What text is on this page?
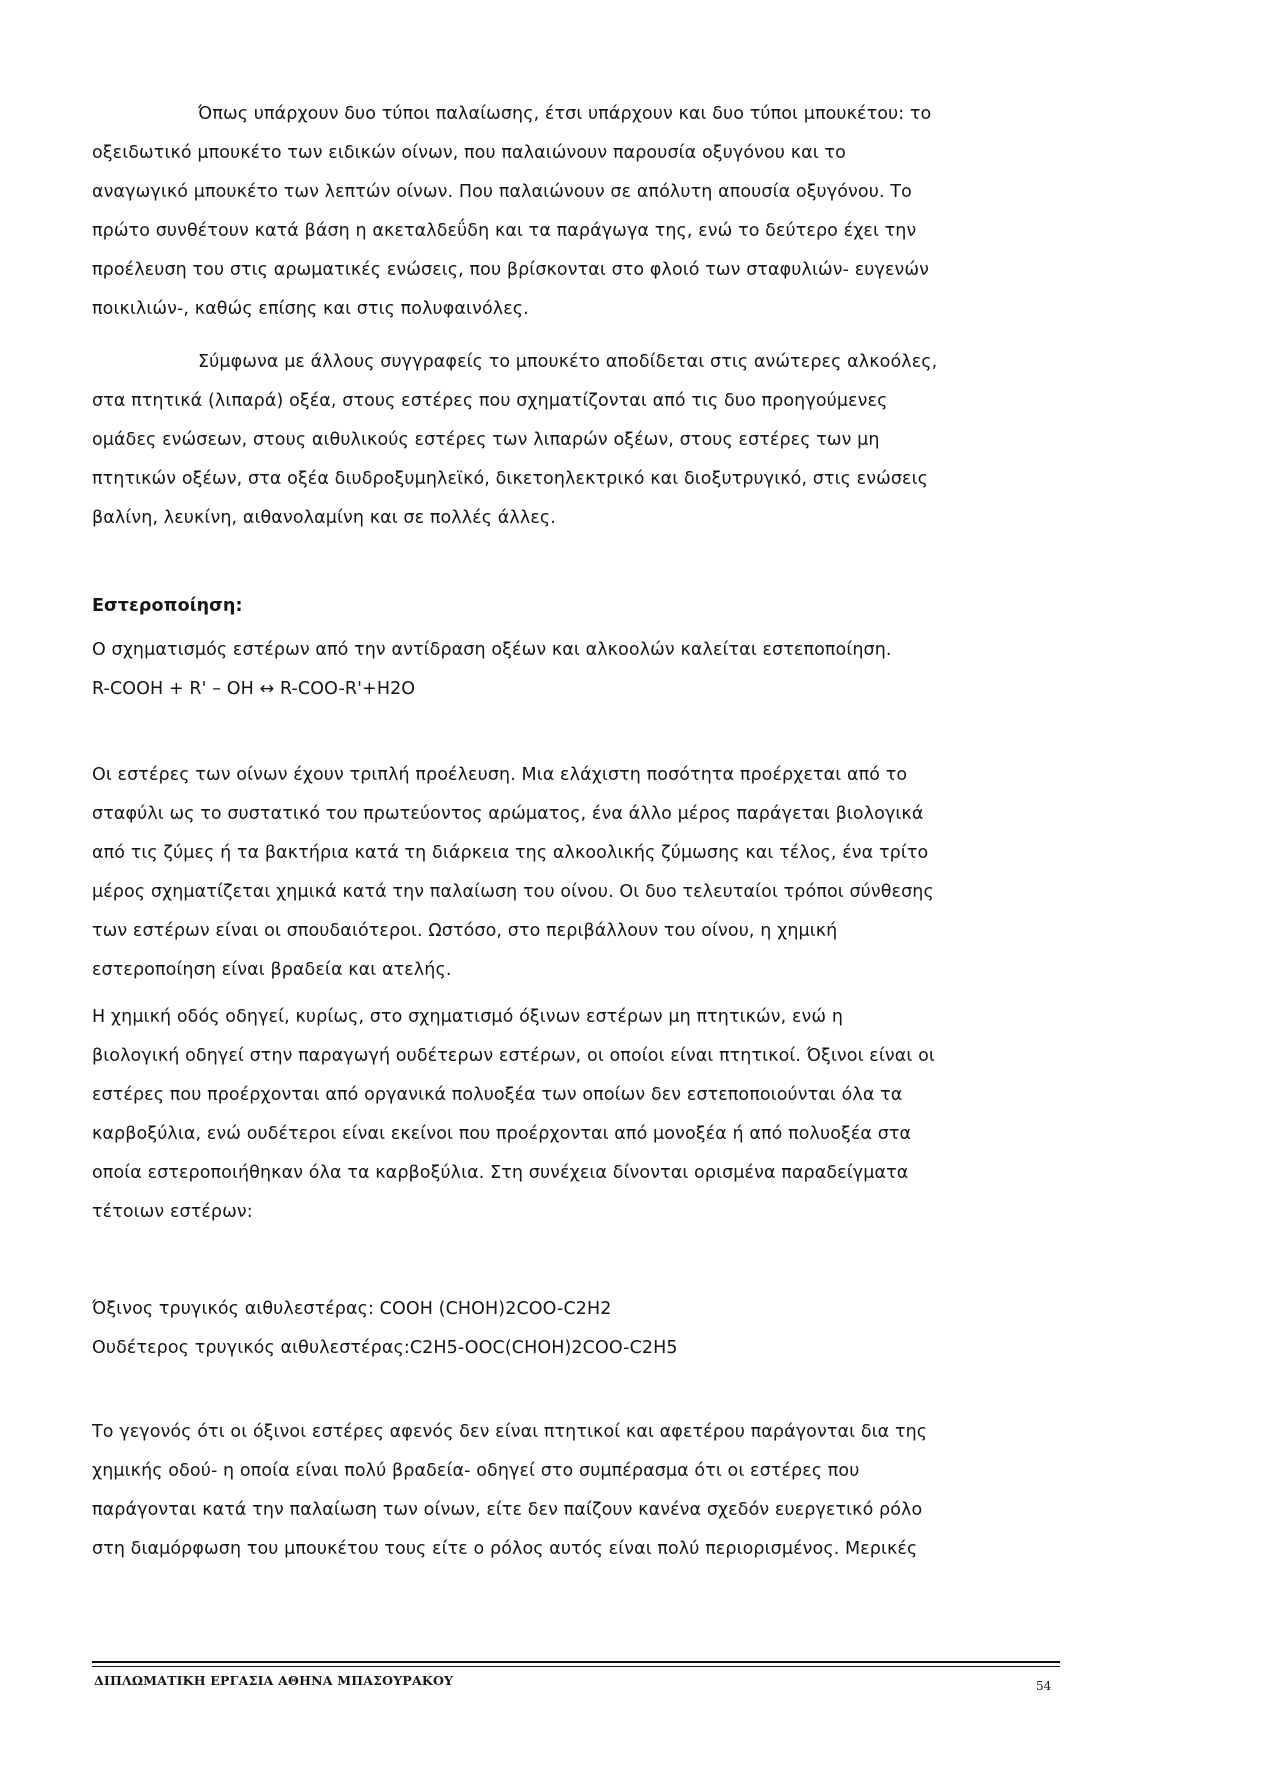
Όπως υπάρχουν δυο τύποι παλαίωσης, έτσι υπάρχουν και δυο τύποι μπουκέτου: το
οξειδωτικό μπουκέτο των ειδικών οίνων, που παλαιώνουν παρουσία οξυγόνου και το
αναγωγικό μπουκέτο των λεπτών οίνων. Που παλαιώνουν σε απόλυτη απουσία οξυγόνου. Το
πρώτο συνθέτουν κατά βάση η ακεταλδεΰδη και τα παράγωγα της, ενώ το δεύτερο έχει την
προέλευση του στις αρωματικές ενώσεις, που βρίσκονται στο φλοιό των σταφυλιών- ευγενών
ποικιλιών-, καθώς επίσης και στις πολυφαινόλες.
Σύμφωνα με άλλους συγγραφείς το μπουκέτο αποδίδεται στις ανώτερες αλκοόλες,
στα πτητικά (λιπαρά) οξέα, στους εστέρες που σχηματίζονται από τις δυο προηγούμενες
ομάδες ενώσεων, στους αιθυλικούς εστέρες των λιπαρών οξέων, στους εστέρες των μη
πτητικών οξέων, στα οξέα διυδροξυμηλεϊκό, δικετοηλεκτρικό και διοξυτρυγικό, στις ενώσεις
βαλίνη, λευκίνη, αιθανολαμίνη και σε πολλές άλλες.
Εστεροποίηση:
Ο σχηματισμός εστέρων από την αντίδραση οξέων και αλκοολών καλείται εστεποποίηση.
R-COOH + R' – OH ↔ R-COO-R'+H2O
Οι εστέρες των οίνων έχουν τριπλή προέλευση. Μια ελάχιστη ποσότητα προέρχεται από το
σταφύλι ως το συστατικό του πρωτεύοντος αρώματος, ένα άλλο μέρος παράγεται βιολογικά
από τις ζύμες ή τα βακτήρια κατά τη διάρκεια της αλκοολικής ζύμωσης και τέλος, ένα τρίτο
μέρος σχηματίζεται χημικά κατά την παλαίωση του οίνου. Οι δυο τελευταίοι τρόποι σύνθεσης
των εστέρων είναι οι σπουδαιότεροι. Ωστόσο, στο περιβάλλουν του οίνου, η χημική
εστεροποίηση είναι βραδεία και ατελής.
Η χημική οδός οδηγεί, κυρίως, στο σχηματισμό όξινων εστέρων μη πτητικών, ενώ η
βιολογική οδηγεί στην παραγωγή ουδέτερων εστέρων, οι οποίοι είναι πτητικοί. Όξινοι είναι οι
εστέρες που προέρχονται από οργανικά πολυοξέα των οποίων δεν εστεποποιούνται όλα τα
καρβοξύλια, ενώ ουδέτεροι είναι εκείνοι που προέρχονται από μονοξέα ή από πολυοξέα στα
οποία εστεροποιήθηκαν όλα τα καρβοξύλια. Στη συνέχεια δίνονται ορισμένα παραδείγματα
τέτοιων εστέρων:
Όξινος τρυγικός αιθυλεστέρας: COOH (CHOH)2COO-C2H2
Ουδέτερος τρυγικός αιθυλεστέρας:C2H5-OOC(CHOH)2COO-C2H5
Το γεγονός ότι οι όξινοι εστέρες αφενός δεν είναι πτητικοί και αφετέρου παράγονται δια της
χημικής οδού- η οποία είναι πολύ βραδεία- οδηγεί στο συμπέρασμα ότι οι εστέρες που
παράγονται κατά την παλαίωση των οίνων, είτε δεν παίζουν κανένα σχεδόν ευεργετικό ρόλο
στη διαμόρφωση του μπουκέτου τους είτε ο ρόλος αυτός είναι πολύ περιορισμένος. Μερικές
ΔΙΠΛΩΜΑΤΙΚΗ ΕΡΓΑΣΙΑ ΑΘΗΝΑ ΜΠΑΣΟΥΡΑΚΟΥ	54
